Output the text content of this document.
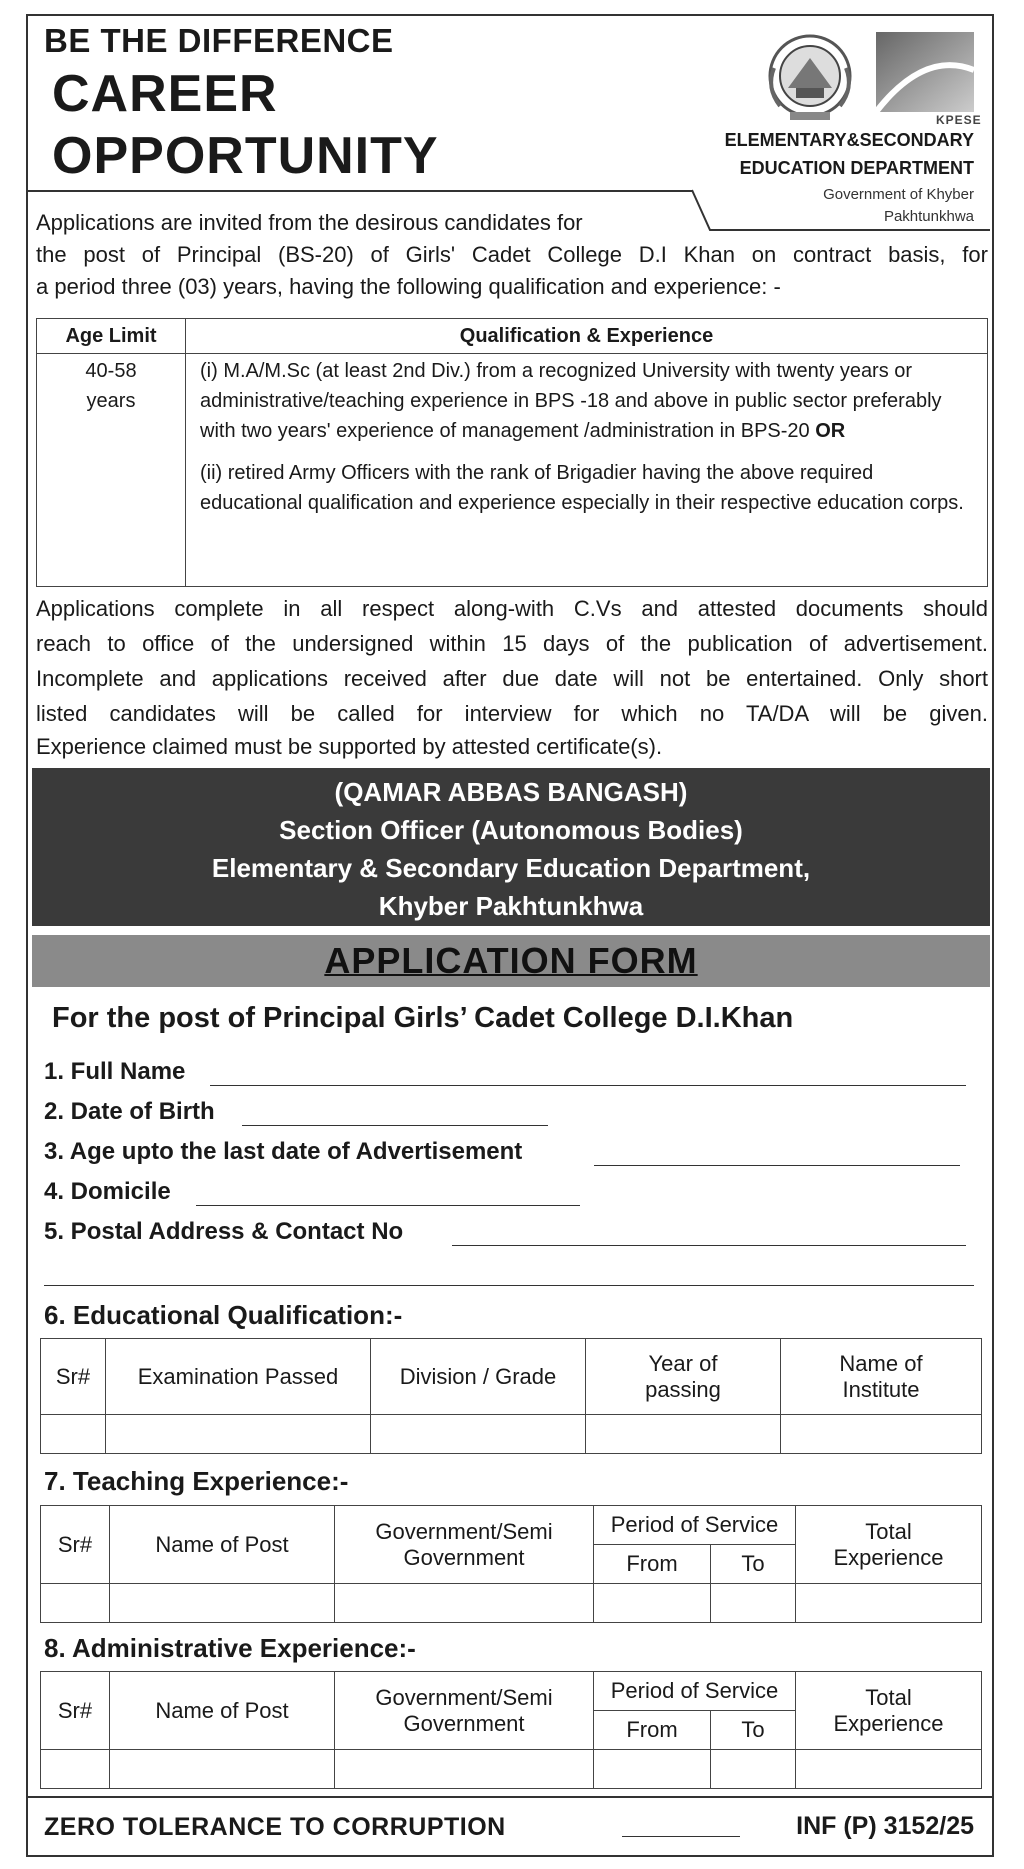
BE THE DIFFERENCE
CAREER
OPPORTUNITY
KPESE
ELEMENTARY&SECONDARY
EDUCATION DEPARTMENT
Government of Khyber
Pakhtunkhwa
Applications are invited from the desirous candidates for
the post of Principal (BS-20) of Girls' Cadet College D.I Khan on contract basis, for
a period three (03) years, having the following qualification and experience: -
Age Limit	Qualification & Experience

40-58 years	(i) M.A/M.Sc (at least 2nd Div.) from a recognized University with twenty years or administrative/teaching experience in BPS -18 and above in public sector preferably with two years' experience of management /administration in BPS-20 OR
(ii) retired Army Officers with the rank of Brigadier having the above required educational qualification and experience especially in their respective education corps.
Applications complete in all respect along-with C.Vs and attested documents should
reach to office of the undersigned within 15 days of the publication of advertisement.
Incomplete and applications received after due date will not be entertained. Only short
listed candidates will be called for interview for which no TA/DA will be given.
Experience claimed must be supported by attested certificate(s).
(QAMAR ABBAS BANGASH)
Section Officer (Autonomous Bodies)
Elementary & Secondary Education Department,
Khyber Pakhtunkhwa
APPLICATION FORM
For the post of Principal Girls’ Cadet College D.I.Khan
1. Full Name
2. Date of Birth
3. Age upto the last date of Advertisement
4. Domicile
5. Postal Address & Contact No
6. Educational Qualification:-
Sr#	Examination Passed	Division / Grade	Year of passing	Name of Institute

7. Teaching Experience:-
Sr#	Name of Post	Government/Semi Government	Period of Service		Total Experience

			From	To	

8. Administrative Experience:-
Sr#	Name of Post	Government/Semi Government	Period of Service		Total Experience

			From	To	

ZERO TOLERANCE TO CORRUPTION	INF (P) 3152/25
